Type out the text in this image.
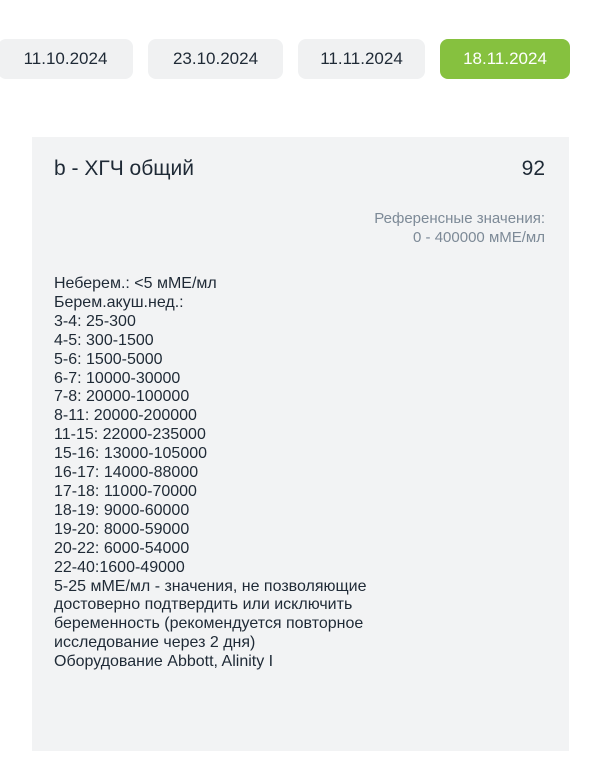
11.10.2024	23.10.2024	11.11.2024	18.11.2024
b - ХГЧ общий	92
Референсные значения:
0 - 400000 мМЕ/мл
Неберем.: <5 мМЕ/мл
Берем.акуш.нед.:
3-4: 25-300
4-5: 300-1500
5-6: 1500-5000
6-7: 10000-30000
7-8: 20000-100000
8-11: 20000-200000
11-15: 22000-235000
15-16: 13000-105000
16-17: 14000-88000
17-18: 11000-70000
18-19: 9000-60000
19-20: 8000-59000
20-22: 6000-54000
22-40:1600-49000
5-25 мМЕ/мл - значения, не позволяющие
достоверно подтвердить или исключить
беременность (рекомендуется повторное
исследование через 2 дня)
Оборудование Abbott, Alinity I
